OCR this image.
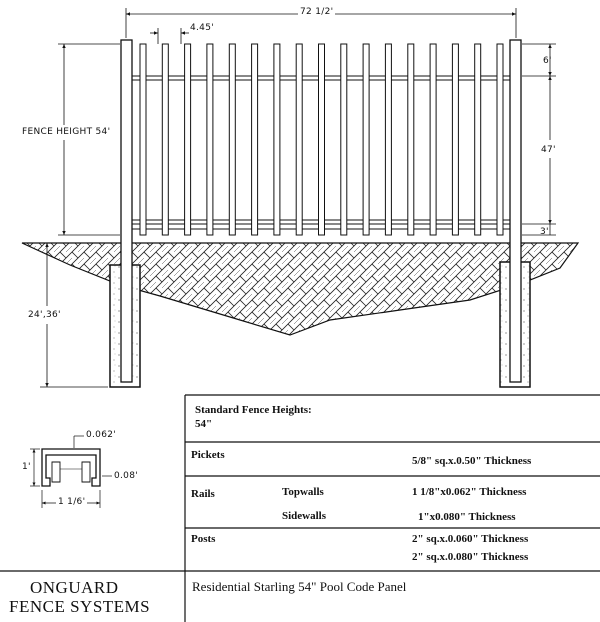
72 1/2'
4.45'
FENCE HEIGHT 54'
6'
47'
3'
24',36'
0.062'
1'
0.08'
1 1/6'
Standard Fence Heights:
54"
Pickets	5/8" sq.x.0.50" Thickness
Rails	Topwalls	1 1/8"x0.062" Thickness
Sidewalls	1"x0.080" Thickness
Posts	2" sq.x.0.060" Thickness
2" sq.x.0.080" Thickness
ONGUARD
FENCE SYSTEMS
Residential Starling 54" Pool Code Panel
